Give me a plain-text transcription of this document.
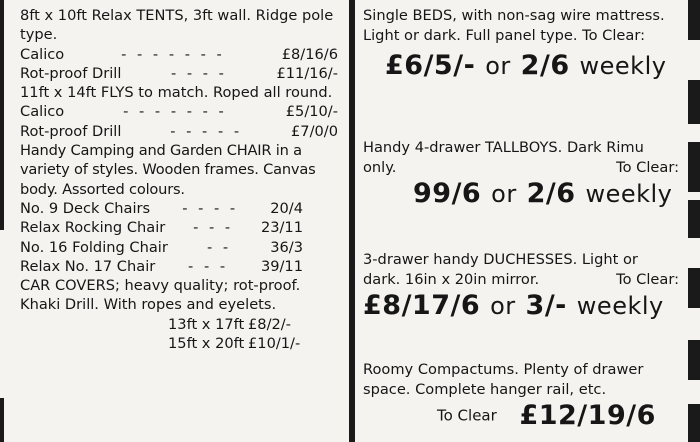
8ft x 10ft Relax TENTS, 3ft wall. Ridge pole type.

Calico	- - - - - - -	£8/16/6
Rot-proof Drill	- - - -	£11/16/-

11ft x 14ft FLYS to match. Roped all round.

Calico	- - - - - - -	£5/10/-
Rot-proof Drill	- - - - -	£7/0/0

Handy Camping and Garden CHAIR in a variety of styles. Wooden frames. Canvas body. Assorted colours.

No. 9 Deck Chairs	- - - -	20/4
Relax Rocking Chair	- - -	23/11
No. 16 Folding Chair	- -	36/3
Relax No. 17 Chair	- - -	39/11

CAR COVERS; heavy quality; rot-proof. Khaki Drill. With ropes and eyelets.

13ft x 17ft £8/2/-
15ft x 20ft £10/1/-

Single BEDS, with non-sag wire mattress. Light or dark. Full panel type. To Clear:

£6/5/- or 2/6 weekly

Handy 4-drawer TALLBOYS. Dark Rimu only.	To Clear:

99/6 or 2/6 weekly

3-drawer handy DUCHESSES. Light or dark. 16in x 20in mirror.	To Clear:

£8/17/6 or 3/- weekly

Roomy Compactums. Plenty of drawer space. Complete hanger rail, etc.

To Clear £12/19/6
